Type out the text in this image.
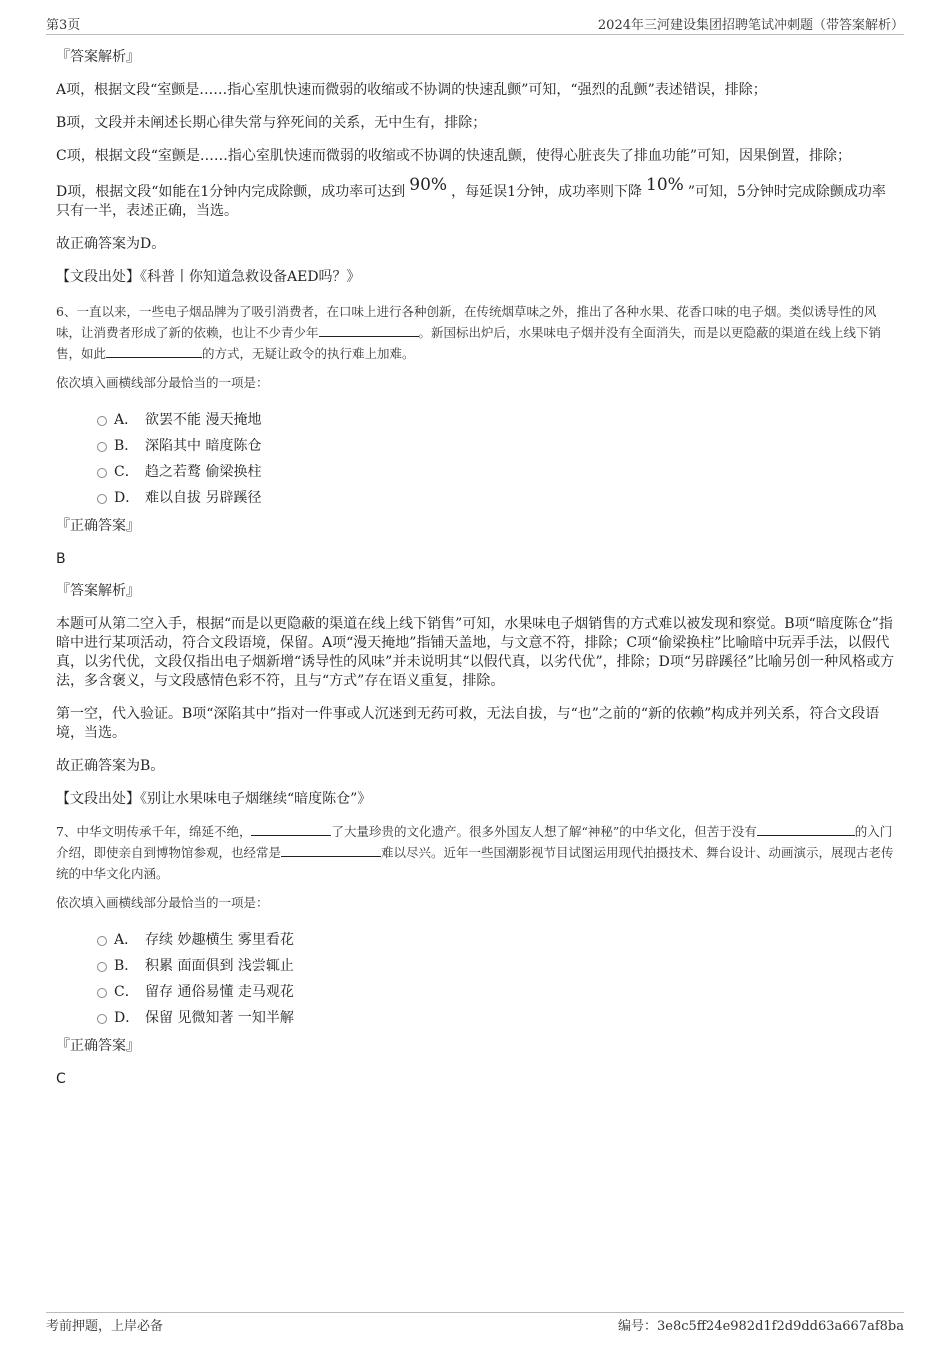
第3页	2024年三河建设集团招聘笔试冲刺题（带答案解析）

『答案解析』

A项，根据文段“室颤是……指心室肌快速而微弱的收缩或不协调的快速乱颤”可知，“强烈的乱颤”表述错误，排除；

B项，文段并未阐述长期心律失常与猝死间的关系，无中生有，排除；

C项，根据文段“室颤是……指心室肌快速而微弱的收缩或不协调的快速乱颤，使得心脏丧失了排血功能”可知，因果倒置，排除；

D项，根据文段“如能在1分钟内完成除颤，成功率可达到 90% ，每延误1分钟，成功率则下降 10% ”可知，5分钟时完成除颤成功率只有一半，表述正确，当选。

故正确答案为D。

【文段出处】《科普丨你知道急救设备AED吗？》

6、一直以来，一些电子烟品牌为了吸引消费者，在口味上进行各种创新，在传统烟草味之外，推出了各种水果、花香口味的电子烟。类似诱导性的风味，让消费者形成了新的依赖，也让不少青少年	。新国标出炉后，水果味电子烟并没有全面消失，而是以更隐蔽的渠道在线上线下销售，如此	的方式，无疑让政令的执行难上加难。

依次填入画横线部分最恰当的一项是：

A． 欲罢不能 漫天掩地
B． 深陷其中 暗度陈仓
C． 趋之若鹜 偷梁换柱
D． 难以自拔 另辟蹊径

『正确答案』

B

『答案解析』

本题可从第二空入手，根据“而是以更隐蔽的渠道在线上线下销售”可知，水果味电子烟销售的方式难以被发现和察觉。B项“暗度陈仓”指暗中进行某项活动，符合文段语境，保留。A项“漫天掩地”指铺天盖地，与文意不符，排除；C项“偷梁换柱”比喻暗中玩弄手法，以假代真，以劣代优，文段仅指出电子烟新增“诱导性的风味”并未说明其“以假代真，以劣代优”，排除；D项“另辟蹊径”比喻另创一种风格或方法，多含褒义，与文段感情色彩不符，且与“方式”存在语义重复，排除。

第一空，代入验证。B项“深陷其中”指对一件事或人沉迷到无药可救，无法自拔，与“也”之前的“新的依赖”构成并列关系，符合文段语境，当选。

故正确答案为B。

【文段出处】《别让水果味电子烟继续“暗度陈仓”》

7、中华文明传承千年，绵延不绝，	了大量珍贵的文化遗产。很多外国友人想了解“神秘”的中华文化，但苦于没有	的入门介绍，即使亲自到博物馆参观，也经常是	难以尽兴。近年一些国潮影视节目试图运用现代拍摄技术、舞台设计、动画演示，展现古老传统的中华文化内涵。

依次填入画横线部分最恰当的一项是：

A． 存续 妙趣横生 雾里看花
B． 积累 面面俱到 浅尝辄止
C． 留存 通俗易懂 走马观花
D． 保留 见微知著 一知半解

『正确答案』

C

考前押题，上岸必备	编号：3e8c5ff24e982d1f2d9dd63a667af8ba
